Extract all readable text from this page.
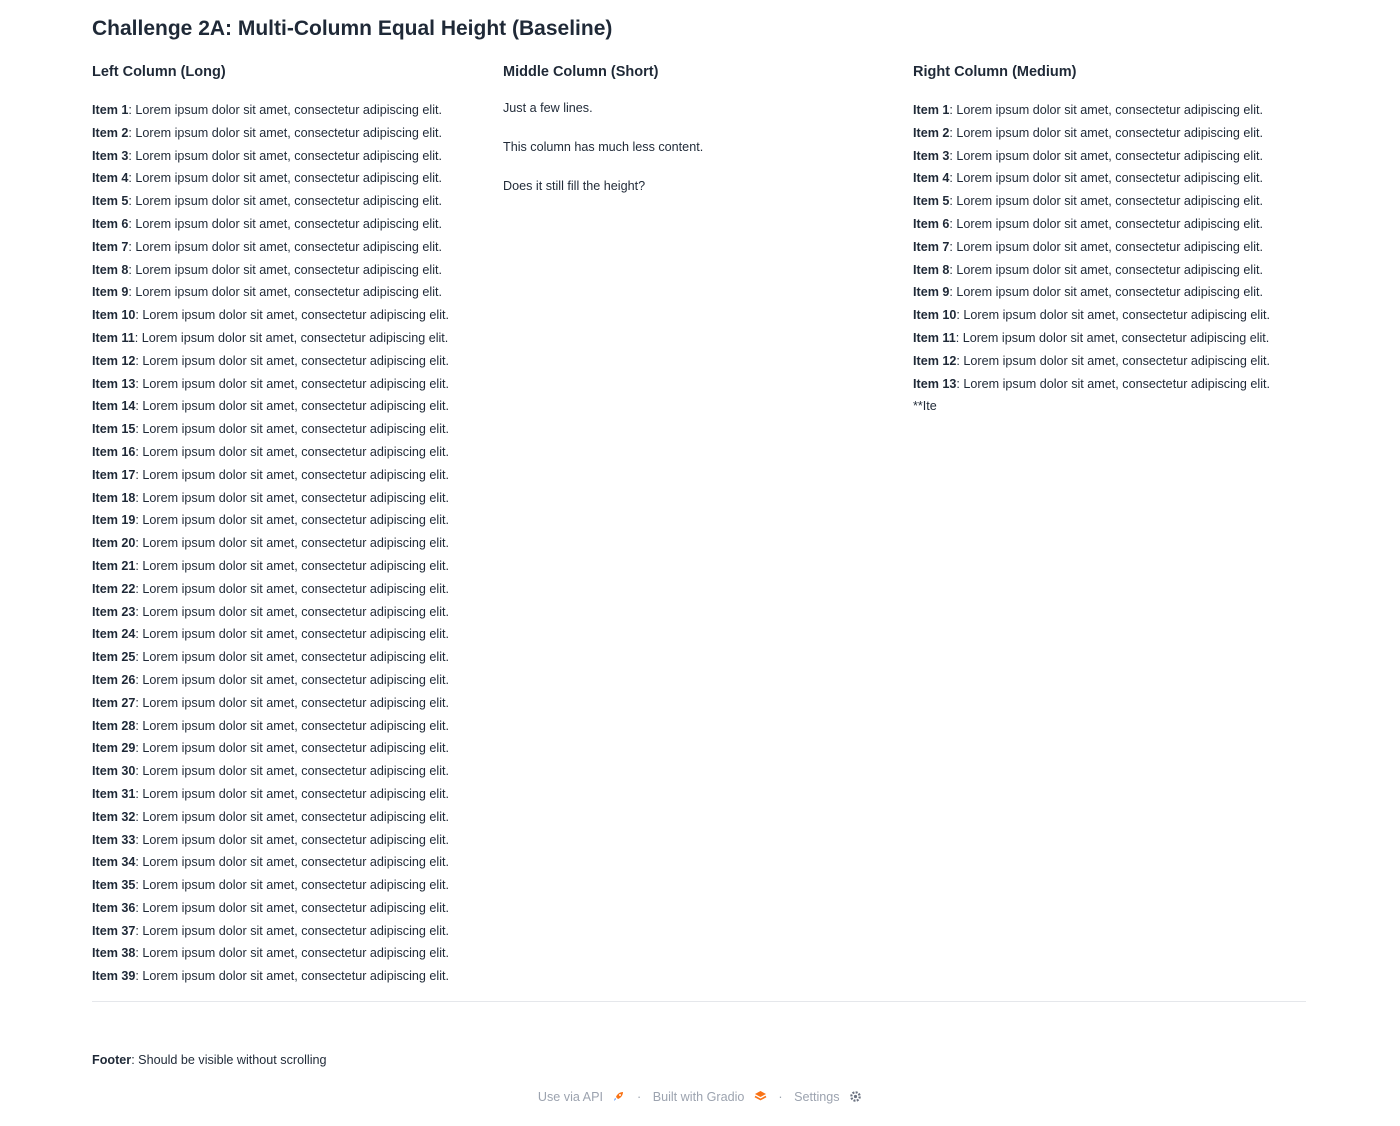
Challenge 2A: Multi-Column Equal Height (Baseline)
Left Column (Long)
Item 1: Lorem ipsum dolor sit amet, consectetur adipiscing elit.
Item 2: Lorem ipsum dolor sit amet, consectetur adipiscing elit.
Item 3: Lorem ipsum dolor sit amet, consectetur adipiscing elit.
Item 4: Lorem ipsum dolor sit amet, consectetur adipiscing elit.
Item 5: Lorem ipsum dolor sit amet, consectetur adipiscing elit.
Item 6: Lorem ipsum dolor sit amet, consectetur adipiscing elit.
Item 7: Lorem ipsum dolor sit amet, consectetur adipiscing elit.
Item 8: Lorem ipsum dolor sit amet, consectetur adipiscing elit.
Item 9: Lorem ipsum dolor sit amet, consectetur adipiscing elit.
Item 10: Lorem ipsum dolor sit amet, consectetur adipiscing elit.
Item 11: Lorem ipsum dolor sit amet, consectetur adipiscing elit.
Item 12: Lorem ipsum dolor sit amet, consectetur adipiscing elit.
Item 13: Lorem ipsum dolor sit amet, consectetur adipiscing elit.
Item 14: Lorem ipsum dolor sit amet, consectetur adipiscing elit.
Item 15: Lorem ipsum dolor sit amet, consectetur adipiscing elit.
Item 16: Lorem ipsum dolor sit amet, consectetur adipiscing elit.
Item 17: Lorem ipsum dolor sit amet, consectetur adipiscing elit.
Item 18: Lorem ipsum dolor sit amet, consectetur adipiscing elit.
Item 19: Lorem ipsum dolor sit amet, consectetur adipiscing elit.
Item 20: Lorem ipsum dolor sit amet, consectetur adipiscing elit.
Item 21: Lorem ipsum dolor sit amet, consectetur adipiscing elit.
Item 22: Lorem ipsum dolor sit amet, consectetur adipiscing elit.
Item 23: Lorem ipsum dolor sit amet, consectetur adipiscing elit.
Item 24: Lorem ipsum dolor sit amet, consectetur adipiscing elit.
Item 25: Lorem ipsum dolor sit amet, consectetur adipiscing elit.
Item 26: Lorem ipsum dolor sit amet, consectetur adipiscing elit.
Item 27: Lorem ipsum dolor sit amet, consectetur adipiscing elit.
Item 28: Lorem ipsum dolor sit amet, consectetur adipiscing elit.
Item 29: Lorem ipsum dolor sit amet, consectetur adipiscing elit.
Item 30: Lorem ipsum dolor sit amet, consectetur adipiscing elit.
Item 31: Lorem ipsum dolor sit amet, consectetur adipiscing elit.
Item 32: Lorem ipsum dolor sit amet, consectetur adipiscing elit.
Item 33: Lorem ipsum dolor sit amet, consectetur adipiscing elit.
Item 34: Lorem ipsum dolor sit amet, consectetur adipiscing elit.
Item 35: Lorem ipsum dolor sit amet, consectetur adipiscing elit.
Item 36: Lorem ipsum dolor sit amet, consectetur adipiscing elit.
Item 37: Lorem ipsum dolor sit amet, consectetur adipiscing elit.
Item 38: Lorem ipsum dolor sit amet, consectetur adipiscing elit.
Item 39: Lorem ipsum dolor sit amet, consectetur adipiscing elit.
Middle Column (Short)

Just a few lines.

This column has much less content.

Does it still fill the height?

Right Column (Medium)
Item 1: Lorem ipsum dolor sit amet, consectetur adipiscing elit.
Item 2: Lorem ipsum dolor sit amet, consectetur adipiscing elit.
Item 3: Lorem ipsum dolor sit amet, consectetur adipiscing elit.
Item 4: Lorem ipsum dolor sit amet, consectetur adipiscing elit.
Item 5: Lorem ipsum dolor sit amet, consectetur adipiscing elit.
Item 6: Lorem ipsum dolor sit amet, consectetur adipiscing elit.
Item 7: Lorem ipsum dolor sit amet, consectetur adipiscing elit.
Item 8: Lorem ipsum dolor sit amet, consectetur adipiscing elit.
Item 9: Lorem ipsum dolor sit amet, consectetur adipiscing elit.
Item 10: Lorem ipsum dolor sit amet, consectetur adipiscing elit.
Item 11: Lorem ipsum dolor sit amet, consectetur adipiscing elit.
Item 12: Lorem ipsum dolor sit amet, consectetur adipiscing elit.
Item 13: Lorem ipsum dolor sit amet, consectetur adipiscing elit.
**Ite
Footer: Should be visible without scrolling
Use via API	· Built with Gradio	· Settings
